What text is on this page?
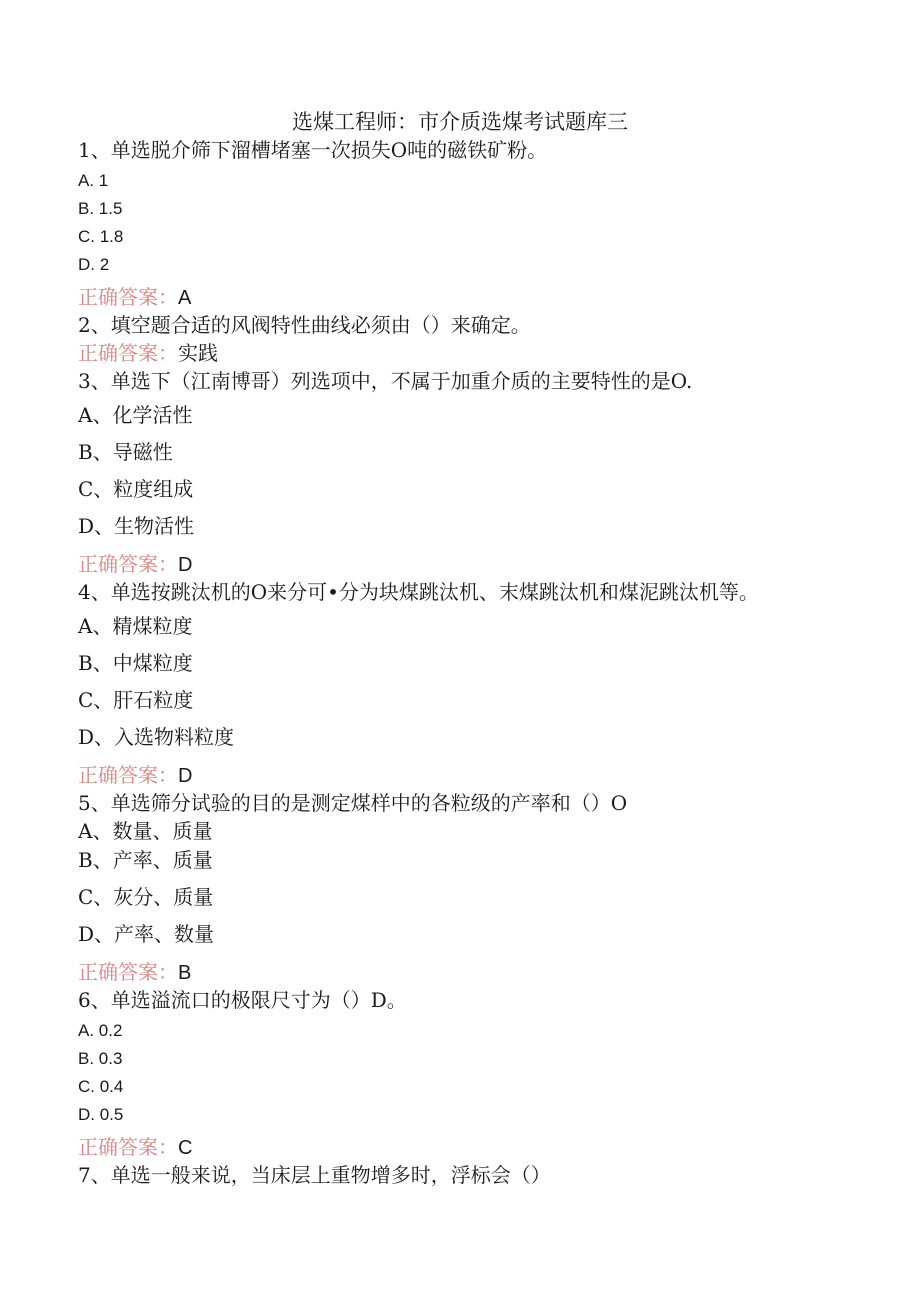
选煤工程师：市介质选煤考试题库三
1、单选脱介筛下溜槽堵塞一次损失O吨的磁铁矿粉。
A. 1
B. 1.5
C. 1.8
D. 2
正确答案：A
2、填空题合适的风阀特性曲线必须由（）来确定。
正确答案：实践
3、单选下（江南博哥）列选项中，不属于加重介质的主要特性的是O.
A、化学活性
B、导磁性
C、粒度组成
D、生物活性
正确答案：D
4、单选按跳汰机的O来分可•分为块煤跳汰机、末煤跳汰机和煤泥跳汰机等。
A、精煤粒度
B、中煤粒度
C、肝石粒度
D、入选物料粒度
正确答案：D
5、单选筛分试验的目的是测定煤样中的各粒级的产率和（）O
A、数量、质量
B、产率、质量
C、灰分、质量
D、产率、数量
正确答案：B
6、单选溢流口的极限尺寸为（）D。
A. 0.2
B. 0.3
C. 0.4
D. 0.5
正确答案：C
7、单选一般来说，当床层上重物增多时，浮标会（）
